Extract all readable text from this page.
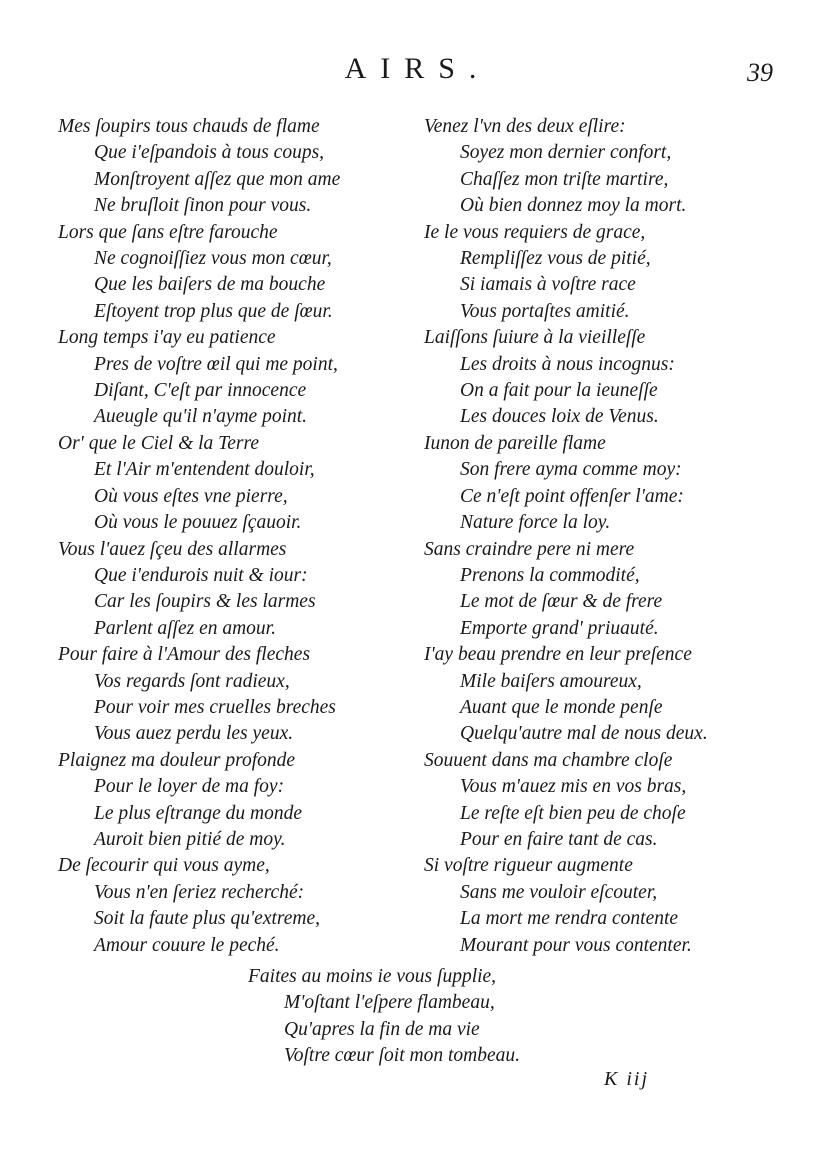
AIRS.	39
Mes ſoupirs tous chauds de flame
Que i'eſpandois à tous coups,
Monſtroyent aſſez que mon ame
Ne bruſloit ſinon pour vous.
Lors que ſans eſtre farouche
Ne cognoiſſiez vous mon cœur,
Que les baiſers de ma bouche
Eſtoyent trop plus que de ſœur.
Long temps i'ay eu patience
Pres de voſtre œil qui me point,
Diſant, C'eſt par innocence
Aueugle qu'il n'ayme point.
Or' que le Ciel & la Terre
Et l'Air m'entendent douloir,
Où vous eſtes vne pierre,
Où vous le pouuez ſçauoir.
Vous l'auez ſçeu des allarmes
Que i'endurois nuit & iour:
Car les ſoupirs & les larmes
Parlent aſſez en amour.
Pour faire à l'Amour des fleches
Vos regards ſont radieux,
Pour voir mes cruelles breches
Vous auez perdu les yeux.
Plaignez ma douleur profonde
Pour le loyer de ma foy:
Le plus eſtrange du monde
Auroit bien pitié de moy.
De ſecourir qui vous ayme,
Vous n'en ſeriez recherché:
Soit la faute plus qu'extreme,
Amour couure le peché.
Venez l'vn des deux eſlire:
Soyez mon dernier confort,
Chaſſez mon triſte martire,
Où bien donnez moy la mort.
Ie le vous requiers de grace,
Rempliſſez vous de pitié,
Si iamais à voſtre race
Vous portaſtes amitié.
Laiſſons ſuiure à la vieilleſſe
Les droits à nous incognus:
On a fait pour la ieuneſſe
Les douces loix de Venus.
Iunon de pareille flame
Son frere ayma comme moy:
Ce n'eſt point offenſer l'ame:
Nature force la loy.
Sans craindre pere ni mere
Prenons la commodité,
Le mot de ſœur & de frere
Emporte grand' priuauté.
I'ay beau prendre en leur preſence
Mile baiſers amoureux,
Auant que le monde penſe
Quelqu'autre mal de nous deux.
Souuent dans ma chambre cloſe
Vous m'auez mis en vos bras,
Le reſte eſt bien peu de choſe
Pour en faire tant de cas.
Si voſtre rigueur augmente
Sans me vouloir eſcouter,
La mort me rendra contente
Mourant pour vous contenter.
Faites au moins ie vous ſupplie,
M'oſtant l'eſpere flambeau,
Qu'apres la fin de ma vie
Voſtre cœur ſoit mon tombeau.
K iij
